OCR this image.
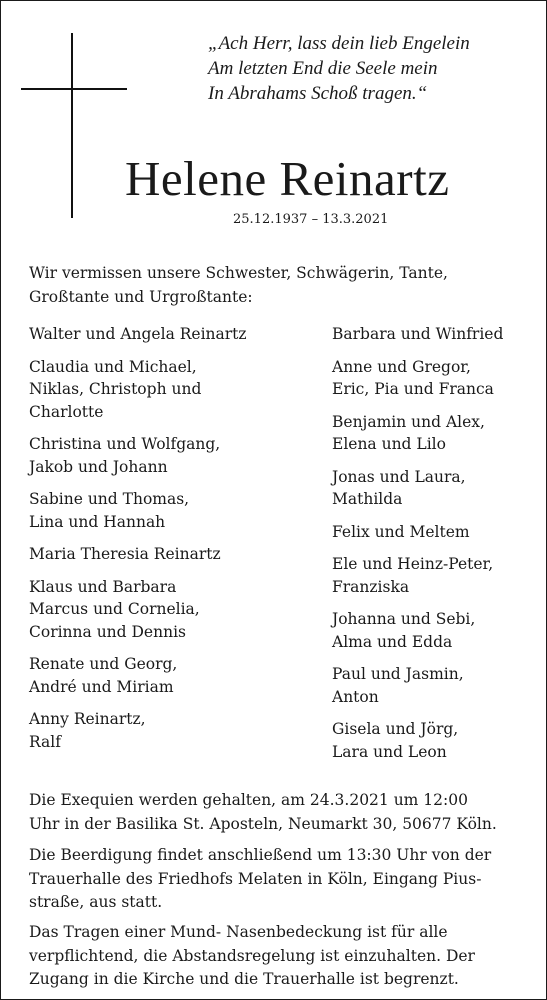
„Ach Herr, lass dein lieb Engelein
Am letzten End die Seele mein
In Abrahams Schoß tragen.“
Helene Reinartz
25.12.1937 – 13.3.2021
Wir vermissen unsere Schwester, Schwägerin, Tante,
Großtante und Urgroßtante:
Walter und Angela Reinartz
Claudia und Michael,
Niklas, Christoph und
Charlotte
Christina und Wolfgang,
Jakob und Johann
Sabine und Thomas,
Lina und Hannah
Maria Theresia Reinartz
Klaus und Barbara
Marcus und Cornelia,
Corinna und Dennis
Renate und Georg,
André und Miriam
Anny Reinartz,
Ralf
Barbara und Winfried
Anne und Gregor,
Eric, Pia und Franca
Benjamin und Alex,
Elena und Lilo
Jonas und Laura,
Mathilda
Felix und Meltem
Ele und Heinz-Peter,
Franziska
Johanna und Sebi,
Alma und Edda
Paul und Jasmin,
Anton
Gisela und Jörg,
Lara und Leon
Die Exequien werden gehalten, am 24.3.2021 um 12:00
Uhr in der Basilika St. Aposteln, Neumarkt 30, 50677 Köln.
Die Beerdigung findet anschließend um 13:30 Uhr von der
Trauerhalle des Friedhofs Melaten in Köln, Eingang Pius-
straße, aus statt.
Das Tragen einer Mund- Nasenbedeckung ist für alle
verpflichtend, die Abstandsregelung ist einzuhalten. Der
Zugang in die Kirche und die Trauerhalle ist begrenzt.
